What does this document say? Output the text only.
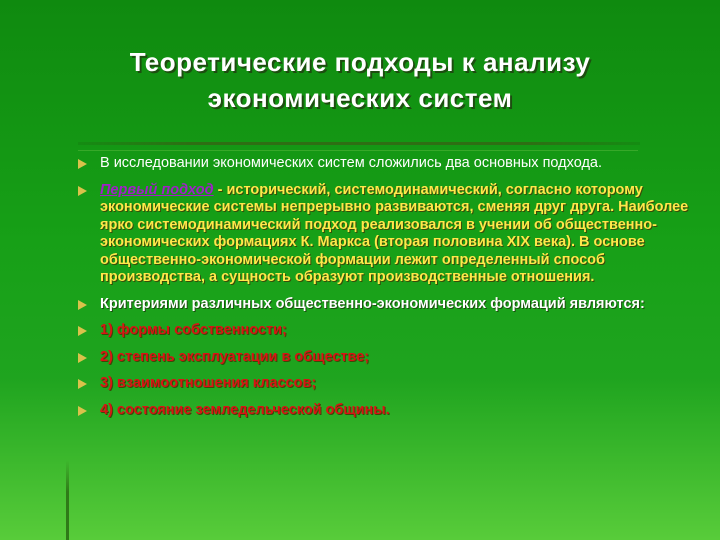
Теоретические подходы к анализу
экономических систем
В исследовании экономических систем сложились два основных подхода.
Первый подход - исторический, системодинамический, согласно которому экономические системы непрерывно развиваются, сменяя друг друга. Наиболее ярко системодинамический подход реализовался в учении об общественно-экономических формациях К. Маркса (вторая половина XIX века). В основе общественно-экономической формации лежит определенный способ производства, а сущность образуют производственные отношения.
Критериями различных общественно-экономических формаций являются:
1) формы собственности;
2) степень эксплуатации в обществе;
3) взаимоотношения классов;
4) состояние земледельческой общины.
